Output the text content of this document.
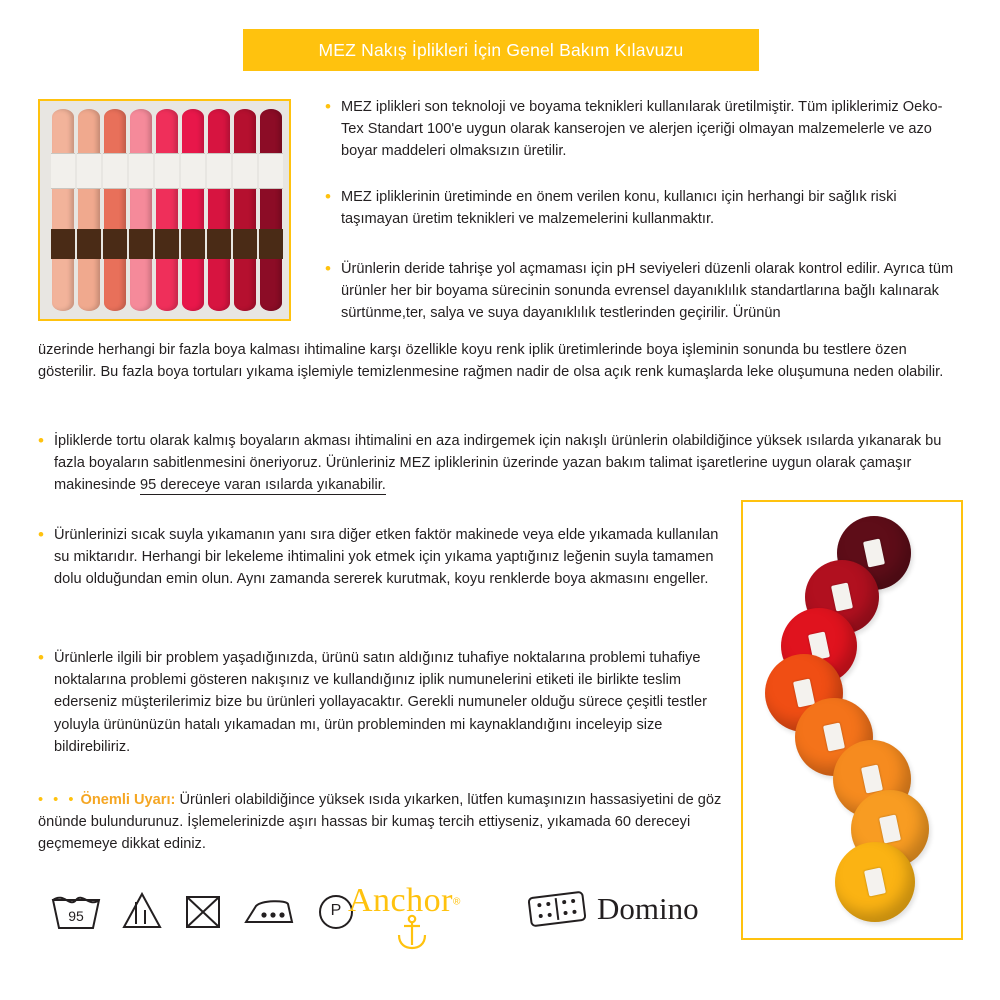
MEZ Nakış İplikleri İçin Genel Bakım Kılavuzu

• MEZ iplikleri son teknoloji ve boyama teknikleri kullanılarak üretilmiştir. Tüm ipliklerimiz Oeko-Tex Standart 100'e uygun olarak kanserojen ve alerjen içeriği olmayan malzemelerle ve azo boyar maddeleri olmaksızın üretilir.

• MEZ ipliklerinin üretiminde en önem verilen konu, kullanıcı için herhangi bir sağlık riski taşımayan üretim teknikleri ve malzemelerini kullanmaktır.

• Ürünlerin deride tahrişe yol açmaması için pH seviyeleri düzenli olarak kontrol edilir. Ayrıca tüm ürünler her bir boyama sürecinin sonunda evrensel dayanıklılık standartlarına bağlı kalınarak sürtünme,ter, salya ve suya dayanıklılık testlerinden geçirilir. Ürünün

üzerinde herhangi bir fazla boya kalması ihtimaline karşı özellikle koyu renk iplik üretimlerinde boya işleminin sonunda bu testlere özen gösterilir. Bu fazla boya tortuları yıkama işlemiyle temizlenmesine rağmen nadir de olsa açık renk kumaşlarda leke oluşumuna neden olabilir.

• İpliklerde tortu olarak kalmış boyaların akması ihtimalini en aza indirgemek için nakışlı ürünlerin olabildiğince yüksek ısılarda yıkanarak bu fazla boyaların sabitlenmesini öneriyoruz. Ürünleriniz MEZ ipliklerinin üzerinde yazan bakım talimat işaretlerine uygun olarak çamaşır makinesinde 95 dereceye varan ısılarda yıkanabilir.

• Ürünlerinizi sıcak suyla yıkamanın yanı sıra diğer etken faktör makinede veya elde yıkamada kullanılan su miktarıdır. Herhangi bir lekeleme ihtimalini yok etmek için yıkama yaptığınız leğenin suyla tamamen dolu olduğundan emin olun. Aynı zamanda sererek kurutmak, koyu renklerde boya akmasını engeller.

• Ürünlerle ilgili bir problem yaşadığınızda, ürünü satın aldığınız tuhafiye noktalarına problemi tuhafiye noktalarına problemi gösteren nakışınız ve kullandığınız iplik numunelerini etiketi ile birlikte teslim ederseniz müşterilerimiz bize bu ürünleri yollayacaktır. Gerekli numuneler olduğu sürece çeşitli testler yoluyla ürününüzün hatalı yıkamadan mı, ürün probleminden mi kaynaklandığını inceleyip size bildirebiliriz.

• • • Önemli Uyarı: Ürünleri olabildiğince yüksek ısıda yıkarken, lütfen kumaşınızın hassasiyetini de göz önünde bulundurunuz. İşlemelerinizde aşırı hassas bir kumaş tercih ettiyseniz, yıkamada 60 dereceyi geçmemeye dikkat ediniz.

95	P Anchor®	Domino
